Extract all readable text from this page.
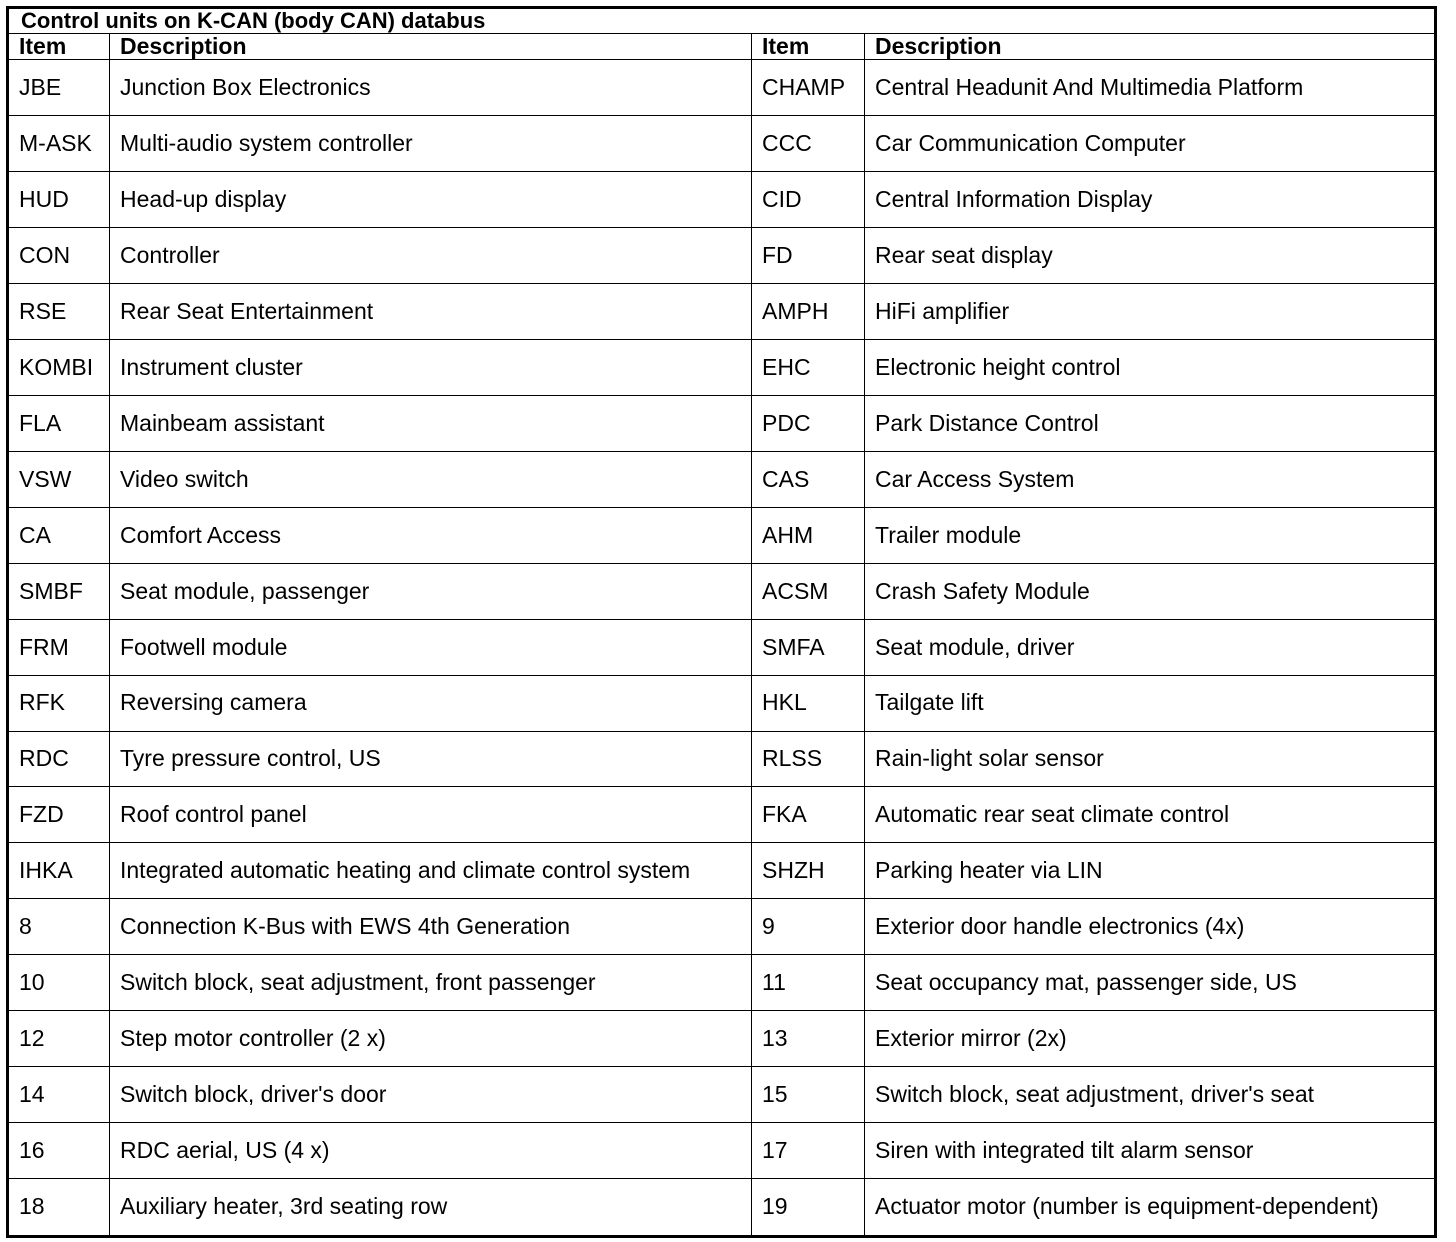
Control units on K-CAN (body CAN) databus			
Item	Description	Item	Description
JBE	Junction Box Electronics	CHAMP	Central Headunit And Multimedia Platform
M-ASK	Multi-audio system controller	CCC	Car Communication Computer
HUD	Head-up display	CID	Central Information Display
CON	Controller	FD	Rear seat display
RSE	Rear Seat Entertainment	AMPH	HiFi amplifier
KOMBI	Instrument cluster	EHC	Electronic height control
FLA	Mainbeam assistant	PDC	Park Distance Control
VSW	Video switch	CAS	Car Access System
CA	Comfort Access	AHM	Trailer module
SMBF	Seat module, passenger	ACSM	Crash Safety Module
FRM	Footwell module	SMFA	Seat module, driver
RFK	Reversing camera	HKL	Tailgate lift
RDC	Tyre pressure control, US	RLSS	Rain-light solar sensor
FZD	Roof control panel	FKA	Automatic rear seat climate control
IHKA	Integrated automatic heating and climate control system	SHZH	Parking heater via LIN
8	Connection K-Bus with EWS 4th Generation	9	Exterior door handle electronics (4x)
10	Switch block, seat adjustment, front passenger	11	Seat occupancy mat, passenger side, US
12	Step motor controller (2 x)	13	Exterior mirror (2x)
14	Switch block, driver's door	15	Switch block, seat adjustment, driver's seat
16	RDC aerial, US (4 x)	17	Siren with integrated tilt alarm sensor
18	Auxiliary heater, 3rd seating row	19	Actuator motor (number is equipment-dependent)
